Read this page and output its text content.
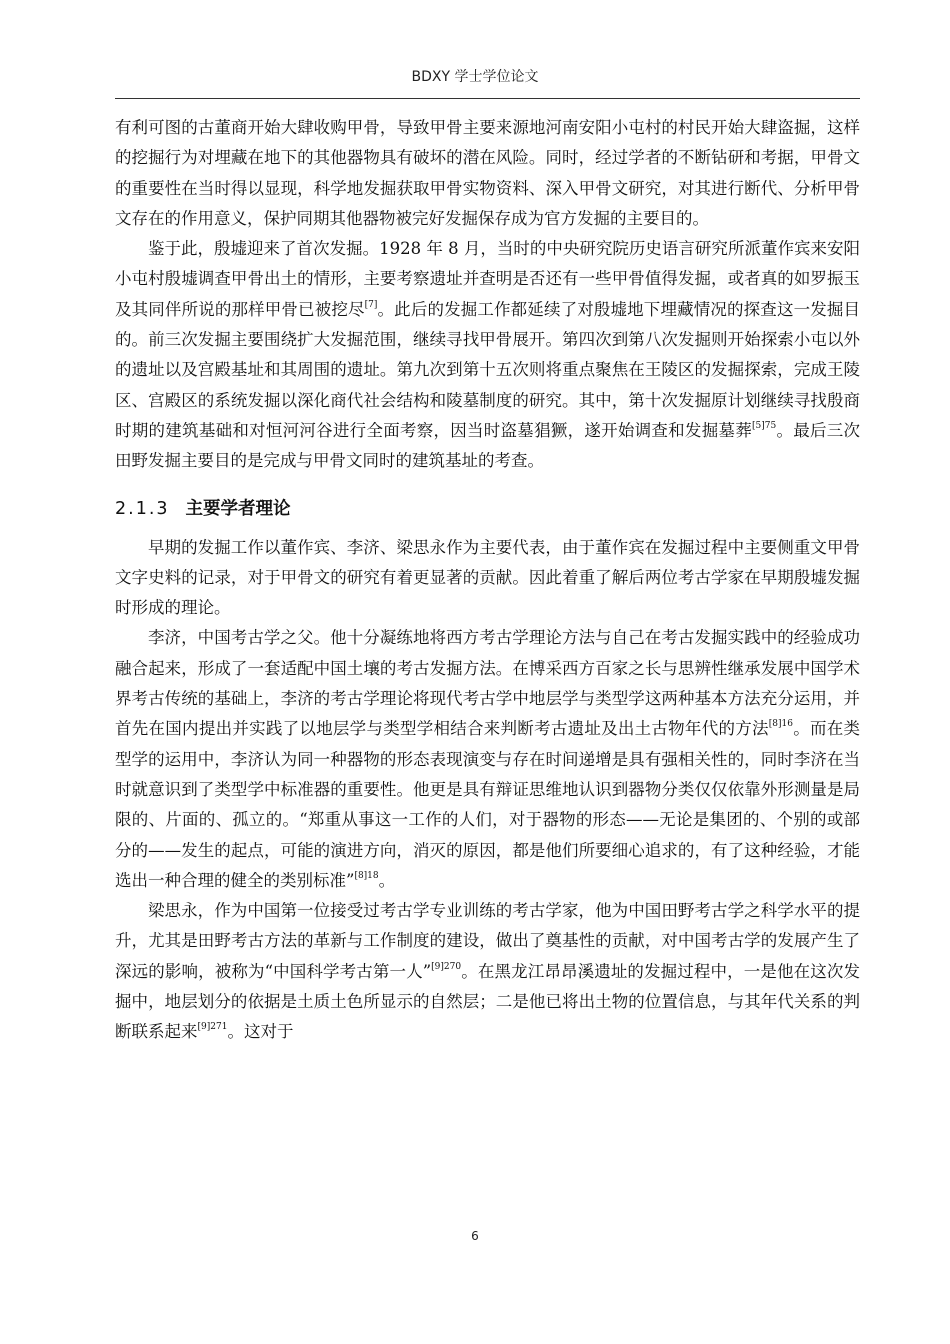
BDXY 学士学位论文

有利可图的古董商开始大肆收购甲骨，导致甲骨主要来源地河南安阳小屯村的村民开始大肆盗掘，这样的挖掘行为对埋藏在地下的其他器物具有破坏的潜在风险。同时，经过学者的不断钻研和考据，甲骨文的重要性在当时得以显现，科学地发掘获取甲骨实物资料、深入甲骨文研究，对其进行断代、分析甲骨文存在的作用意义，保护同期其他器物被完好发掘保存成为官方发掘的主要目的。

鉴于此，殷墟迎来了首次发掘。1928 年 8 月，当时的中央研究院历史语言研究所派董作宾来安阳小屯村殷墟调查甲骨出土的情形，主要考察遗址并查明是否还有一些甲骨值得发掘，或者真的如罗振玉及其同伴所说的那样甲骨已被挖尽[7]。此后的发掘工作都延续了对殷墟地下埋藏情况的探查这一发掘目的。前三次发掘主要围绕扩大发掘范围，继续寻找甲骨展开。第四次到第八次发掘则开始探索小屯以外的遗址以及宫殿基址和其周围的遗址。第九次到第十五次则将重点聚焦在王陵区的发掘探索，完成王陵区、宫殿区的系统发掘以深化商代社会结构和陵墓制度的研究。其中，第十次发掘原计划继续寻找殷商时期的建筑基础和对恒河河谷进行全面考察，因当时盗墓猖獗，遂开始调查和发掘墓葬$^{[5]75}$。最后三次田野发掘主要目的是完成与甲骨文同时的建筑基址的考查。

2.1.3 主要学者理论

早期的发掘工作以董作宾、李济、梁思永作为主要代表，由于董作宾在发掘过程中主要侧重文甲骨文字史料的记录，对于甲骨文的研究有着更显著的贡献。因此着重了解后两位考古学家在早期殷墟发掘时形成的理论。

李济，中国考古学之父。他十分凝练地将西方考古学理论方法与自己在考古发掘实践中的经验成功融合起来，形成了一套适配中国土壤的考古发掘方法。在博采西方百家之长与思辨性继承发展中国学术界考古传统的基础上，李济的考古学理论将现代考古学中地层学与类型学这两种基本方法充分运用，并首先在国内提出并实践了以地层学与类型学相结合来判断考古遗址及出土古物年代的方法$^{[8]16}$。而在类型学的运用中，李济认为同一种器物的形态表现演变与存在时间递增是具有强相关性的，同时李济在当时就意识到了类型学中标准器的重要性。他更是具有辩证思维地认识到器物分类仅仅依靠外形测量是局限的、片面的、孤立的。“郑重从事这一工作的人们，对于器物的形态——无论是集团的、个别的或部分的——发生的起点，可能的演进方向，消灭的原因，都是他们所要细心追求的，有了这种经验，才能选出一种合理的健全的类别标准”$^{[8]18}$。

梁思永，作为中国第一位接受过考古学专业训练的考古学家，他为中国田野考古学之科学水平的提升，尤其是田野考古方法的革新与工作制度的建设，做出了奠基性的贡献，对中国考古学的发展产生了深远的影响，被称为“中国科学考古第一人”$^{[9]270}$。在黑龙江昂昂溪遗址的发掘过程中，一是他在这次发掘中，地层划分的依据是土质土色所显示的自然层；二是他已将出土物的位置信息，与其年代关系的判断联系起来$^{[9]271}$。这对于

6
